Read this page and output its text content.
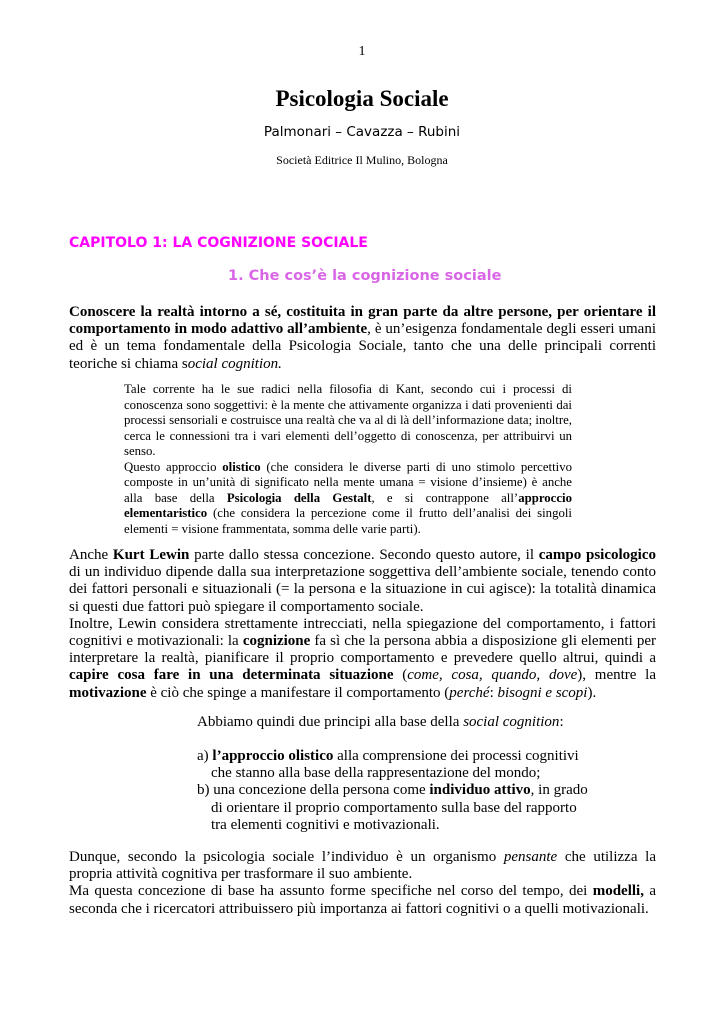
1
Psicologia Sociale
Palmonari – Cavazza – Rubini
Società Editrice Il Mulino, Bologna
CAPITOLO 1: LA COGNIZIONE SOCIALE
1. Che cos’è la cognizione sociale
Conoscere la realtà intorno a sé, costituita in gran parte da altre persone, per orientare il comportamento in modo adattivo all’ambiente, è un’esigenza fondamentale degli esseri umani ed è un tema fondamentale della Psicologia Sociale, tanto che una delle principali correnti teoriche si chiama social cognition.
Tale corrente ha le sue radici nella filosofia di Kant, secondo cui i processi di conoscenza sono soggettivi: è la mente che attivamente organizza i dati provenienti dai processi sensoriali e costruisce una realtà che va al di là dell’informazione data; inoltre, cerca le connessioni tra i vari elementi dell’oggetto di conoscenza, per attribuirvi un senso.
Questo approccio olistico (che considera le diverse parti di uno stimolo percettivo composte in un’unità di significato nella mente umana = visione d’insieme) è anche alla base della Psicologia della Gestalt, e si contrappone all’approccio elementaristico (che considera la percezione come il frutto dell’analisi dei singoli elementi = visione frammentata, somma delle varie parti).
Anche Kurt Lewin parte dallo stessa concezione. Secondo questo autore, il campo psicologico di un individuo dipende dalla sua interpretazione soggettiva dell’ambiente sociale, tenendo conto dei fattori personali e situazionali (= la persona e la situazione in cui agisce): la totalità dinamica si questi due fattori può spiegare il comportamento sociale.
Inoltre, Lewin considera strettamente intrecciati, nella spiegazione del comportamento, i fattori cognitivi e motivazionali: la cognizione fa sì che la persona abbia a disposizione gli elementi per interpretare la realtà, pianificare il proprio comportamento e prevedere quello altrui, quindi a capire cosa fare in una determinata situazione (come, cosa, quando, dove), mentre la motivazione è ciò che spinge a manifestare il comportamento (perché: bisogni e scopi).
Abbiamo quindi due principi alla base della social cognition:
a) l’approccio olistico alla comprensione dei processi cognitivi
che stanno alla base della rappresentazione del mondo;
b) una concezione della persona come individuo attivo, in grado
di orientare il proprio comportamento sulla base del rapporto
tra elementi cognitivi e motivazionali.
Dunque, secondo la psicologia sociale l’individuo è un organismo pensante che utilizza la propria attività cognitiva per trasformare il suo ambiente.
Ma questa concezione di base ha assunto forme specifiche nel corso del tempo, dei modelli, a seconda che i ricercatori attribuissero più importanza ai fattori cognitivi o a quelli motivazionali.
